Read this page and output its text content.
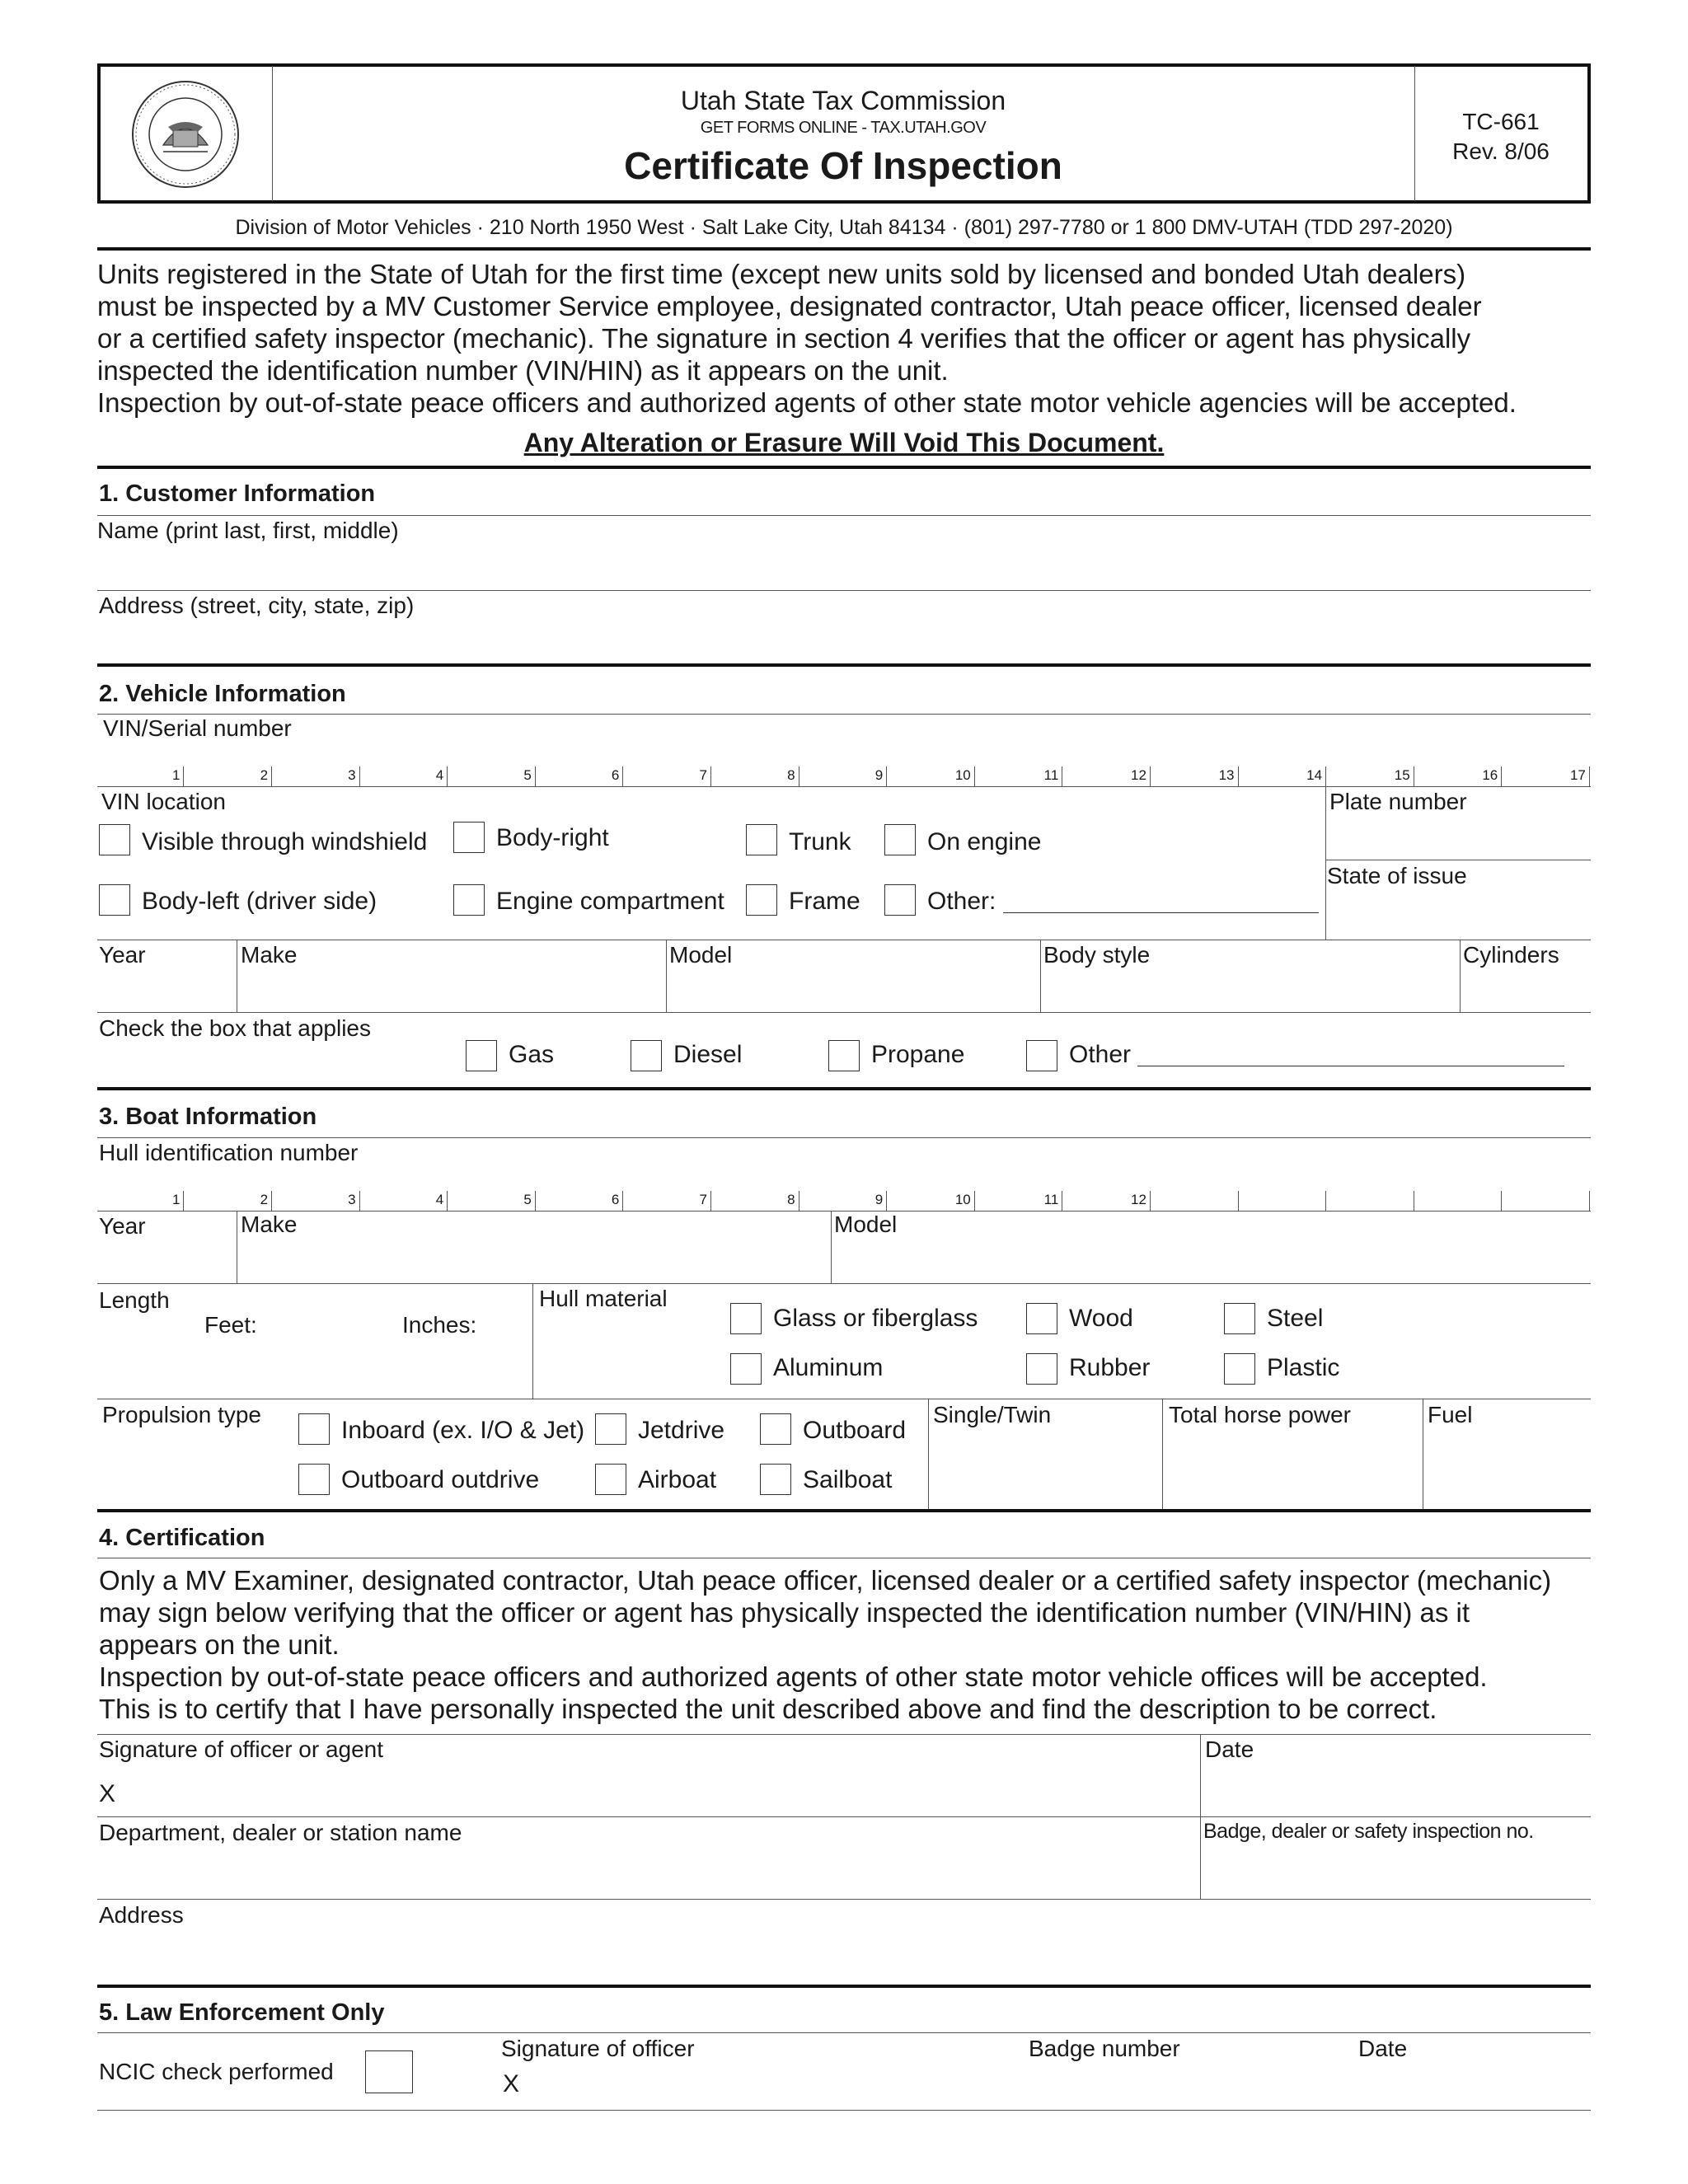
Utah State Tax Commission
GET FORMS ONLINE - TAX.UTAH.GOV
Certificate Of Inspection
TC-661
Rev. 8/06
Division of Motor Vehicles · 210 North 1950 West · Salt Lake City, Utah 84134 · (801) 297-7780 or 1 800 DMV-UTAH (TDD 297-2020)
Units registered in the State of Utah for the first time (except new units sold by licensed and bonded Utah dealers)
must be inspected by a MV Customer Service employee, designated contractor, Utah peace officer, licensed dealer
or a certified safety inspector (mechanic). The signature in section 4 verifies that the officer or agent has physically
inspected the identification number (VIN/HIN) as it appears on the unit.
Inspection by out-of-state peace officers and authorized agents of other state motor vehicle agencies will be accepted.
Any Alteration or Erasure Will Void This Document.
1. Customer Information
Name (print last, first, middle)
Address (street, city, state, zip)
2. Vehicle Information
VIN/Serial number
1	2	3	4	5	6	7	8	9	10	11	12	13	14	15	16	17
VIN location	Plate number
State of issue
Visible through windshield	Body-right	Trunk	On engine
Body-left (driver side)	Engine compartment	Frame	Other:
Year	Make	Model	Body style	Cylinders
Check the box that applies
Gas	Diesel	Propane	Other
3. Boat Information
Hull identification number
1	2	3	4	5	6	7	8	9	10	11	12
Year	Make	Model
Length
Feet:	Inches:
Hull material
Glass or fiberglass	Wood	Steel
Aluminum	Rubber	Plastic
Propulsion type
Inboard (ex. I/O & Jet) Jetdrive	Outboard
Outboard outdrive	Airboat	Sailboat
Single/Twin	Total horse power	Fuel
4. Certification
Only a MV Examiner, designated contractor, Utah peace officer, licensed dealer or a certified safety inspector (mechanic)
may sign below verifying that the officer or agent has physically inspected the identification number (VIN/HIN) as it
appears on the unit.
Inspection by out-of-state peace officers and authorized agents of other state motor vehicle offices will be accepted.
This is to certify that I have personally inspected the unit described above and find the description to be correct.
Signature of officer or agent
X
Date
Department, dealer or station name	Badge, dealer or safety inspection no.
Address
5. Law Enforcement Only
NCIC check performed
Signature of officer
X
Badge number	Date
